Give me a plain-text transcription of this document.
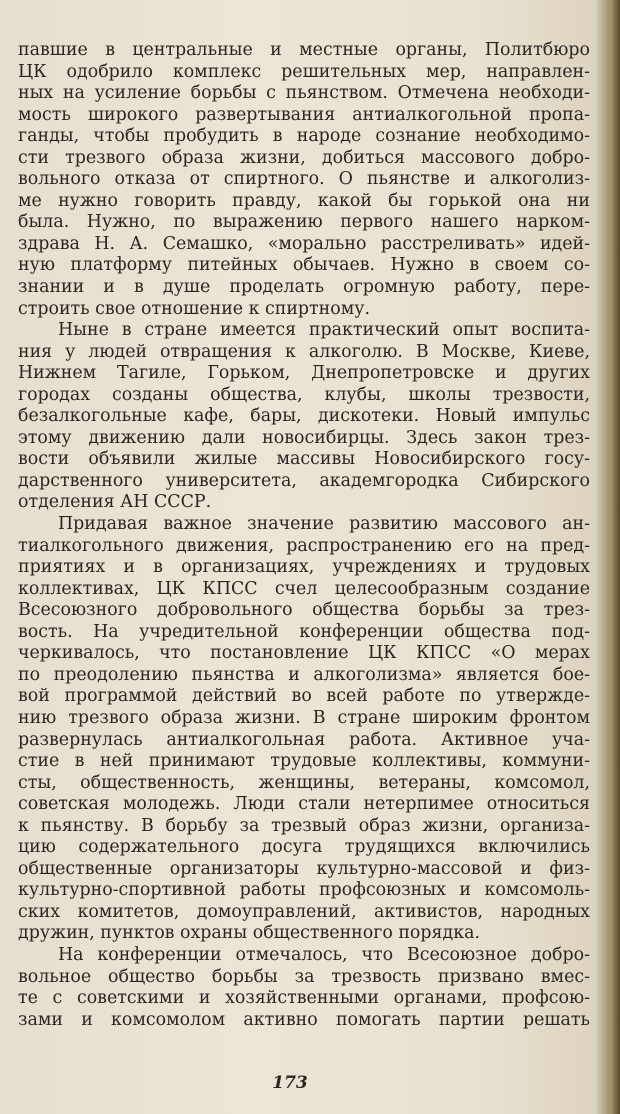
павшие в центральные и местные органы, Политбюро
ЦК одобрило комплекс решительных мер, направлен-
ных на усиление борьбы с пьянством. Отмечена необходи-
мость широкого развертывания антиалкогольной пропа-
ганды, чтобы пробудить в народе сознание необходимо-
сти трезвого образа жизни, добиться массового добро-
вольного отказа от спиртного. О пьянстве и алкоголиз-
ме нужно говорить правду, какой бы горькой она ни
была. Нужно, по выражению первого нашего нарком-
здрава Н. А. Семашко, «морально расстреливать» идей-
ную платформу питейных обычаев. Нужно в своем со-
знании и в душе проделать огромную работу, пере-
строить свое отношение к спиртному.
Ныне в стране имеется практический опыт воспита-
ния у людей отвращения к алкоголю. В Москве, Киеве,
Нижнем Тагиле, Горьком, Днепропетровске и других
городах созданы общества, клубы, школы трезвости,
безалкогольные кафе, бары, дискотеки. Новый импульс
этому движению дали новосибирцы. Здесь закон трез-
вости объявили жилые массивы Новосибирского госу-
дарственного университета, академгородка Сибирского
отделения АН СССР.
Придавая важное значение развитию массового ан-
тиалкогольного движения, распространению его на пред-
приятиях и в организациях, учреждениях и трудовых
коллективах, ЦК КПСС счел целесообразным создание
Всесоюзного добровольного общества борьбы за трез-
вость. На учредительной конференции общества под-
черкивалось, что постановление ЦК КПСС «О мерах
по преодолению пьянства и алкоголизма» является бое-
вой программой действий во всей работе по утвержде-
нию трезвого образа жизни. В стране широким фронтом
развернулась антиалкогольная работа. Активное уча-
стие в ней принимают трудовые коллективы, коммуни-
сты, общественность, женщины, ветераны, комсомол,
советская молодежь. Люди стали нетерпимее относиться
к пьянству. В борьбу за трезвый образ жизни, организа-
цию содержательного досуга трудящихся включились
общественные организаторы культурно-массовой и физ-
культурно-спортивной работы профсоюзных и комсомоль-
ских комитетов, домоуправлений, активистов, народных
дружин, пунктов охраны общественного порядка.
На конференции отмечалось, что Всесоюзное добро-
вольное общество борьбы за трезвость призвано вмес-
те с советскими и хозяйственными органами, профсою-
зами и комсомолом активно помогать партии решать
173
